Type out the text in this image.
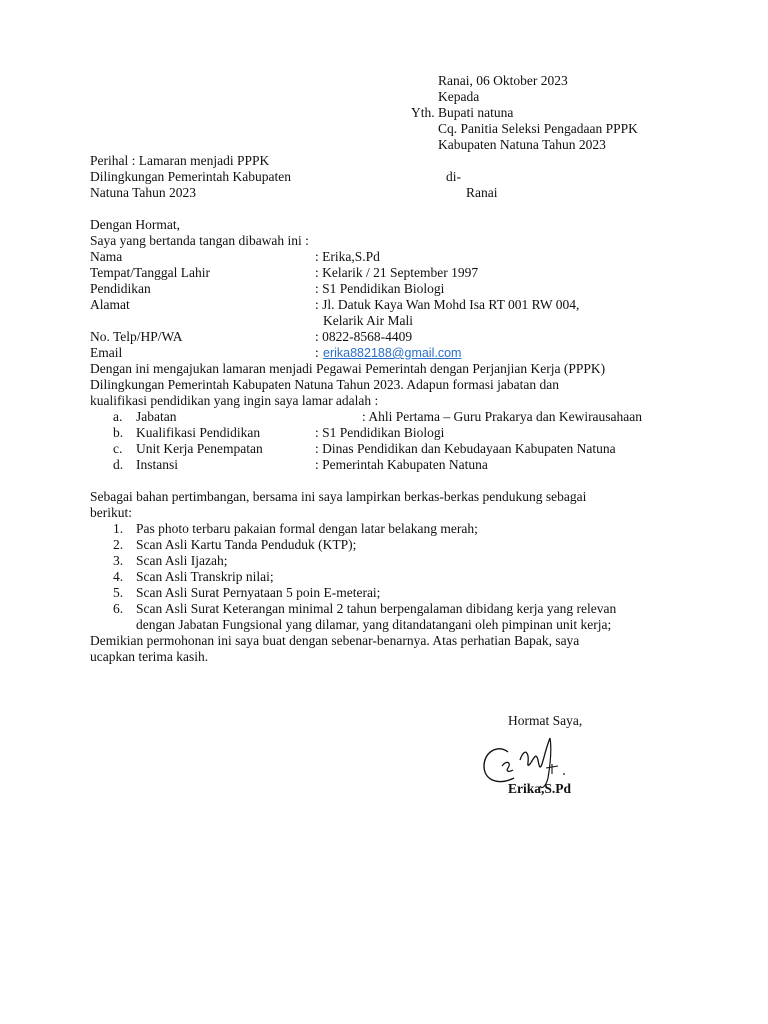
Ranai, 06 Oktober 2023
Kepada
Yth. Bupati natuna
Cq. Panitia Seleksi Pengadaan PPPK
Kabupaten Natuna Tahun 2023
Perihal : Lamaran menjadi PPPK
Dilingkungan Pemerintah Kabupaten	di-
Natuna Tahun 2023	Ranai
Dengan Hormat,
Saya yang bertanda tangan dibawah ini :
Nama	: Erika,S.Pd
Tempat/Tanggal Lahir	: Kelarik / 21 September 1997
Pendidikan	: S1 Pendidikan Biologi
Alamat	: Jl. Datuk Kaya Wan Mohd Isa RT 001 RW 004,
Kelarik Air Mali
No. Telp/HP/WA	: 0822-8568-4409
Email	: erika882188@gmail.com
Dengan ini mengajukan lamaran menjadi Pegawai Pemerintah dengan Perjanjian Kerja (PPPK)
Dilingkungan Pemerintah Kabupaten Natuna Tahun 2023. Adapun formasi jabatan dan
kualifikasi pendidikan yang ingin saya lamar adalah :
a. Jabatan	: Ahli Pertama – Guru Prakarya dan Kewirausahaan
b. Kualifikasi Pendidikan	: S1 Pendidikan Biologi
c. Unit Kerja Penempatan	: Dinas Pendidikan dan Kebudayaan Kabupaten Natuna
d. Instansi	: Pemerintah Kabupaten Natuna
Sebagai bahan pertimbangan, bersama ini saya lampirkan berkas-berkas pendukung sebagai
berikut:
1. Pas photo terbaru pakaian formal dengan latar belakang merah;
2. Scan Asli Kartu Tanda Penduduk (KTP);
3. Scan Asli Ijazah;
4. Scan Asli Transkrip nilai;
5. Scan Asli Surat Pernyataan 5 poin E-meterai;
6. Scan Asli Surat Keterangan minimal 2 tahun berpengalaman dibidang kerja yang relevan
dengan Jabatan Fungsional yang dilamar, yang ditandatangani oleh pimpinan unit kerja;
Demikian permohonan ini saya buat dengan sebenar-benarnya. Atas perhatian Bapak, saya
ucapkan terima kasih.
Hormat Saya,
Erika,S.Pd
